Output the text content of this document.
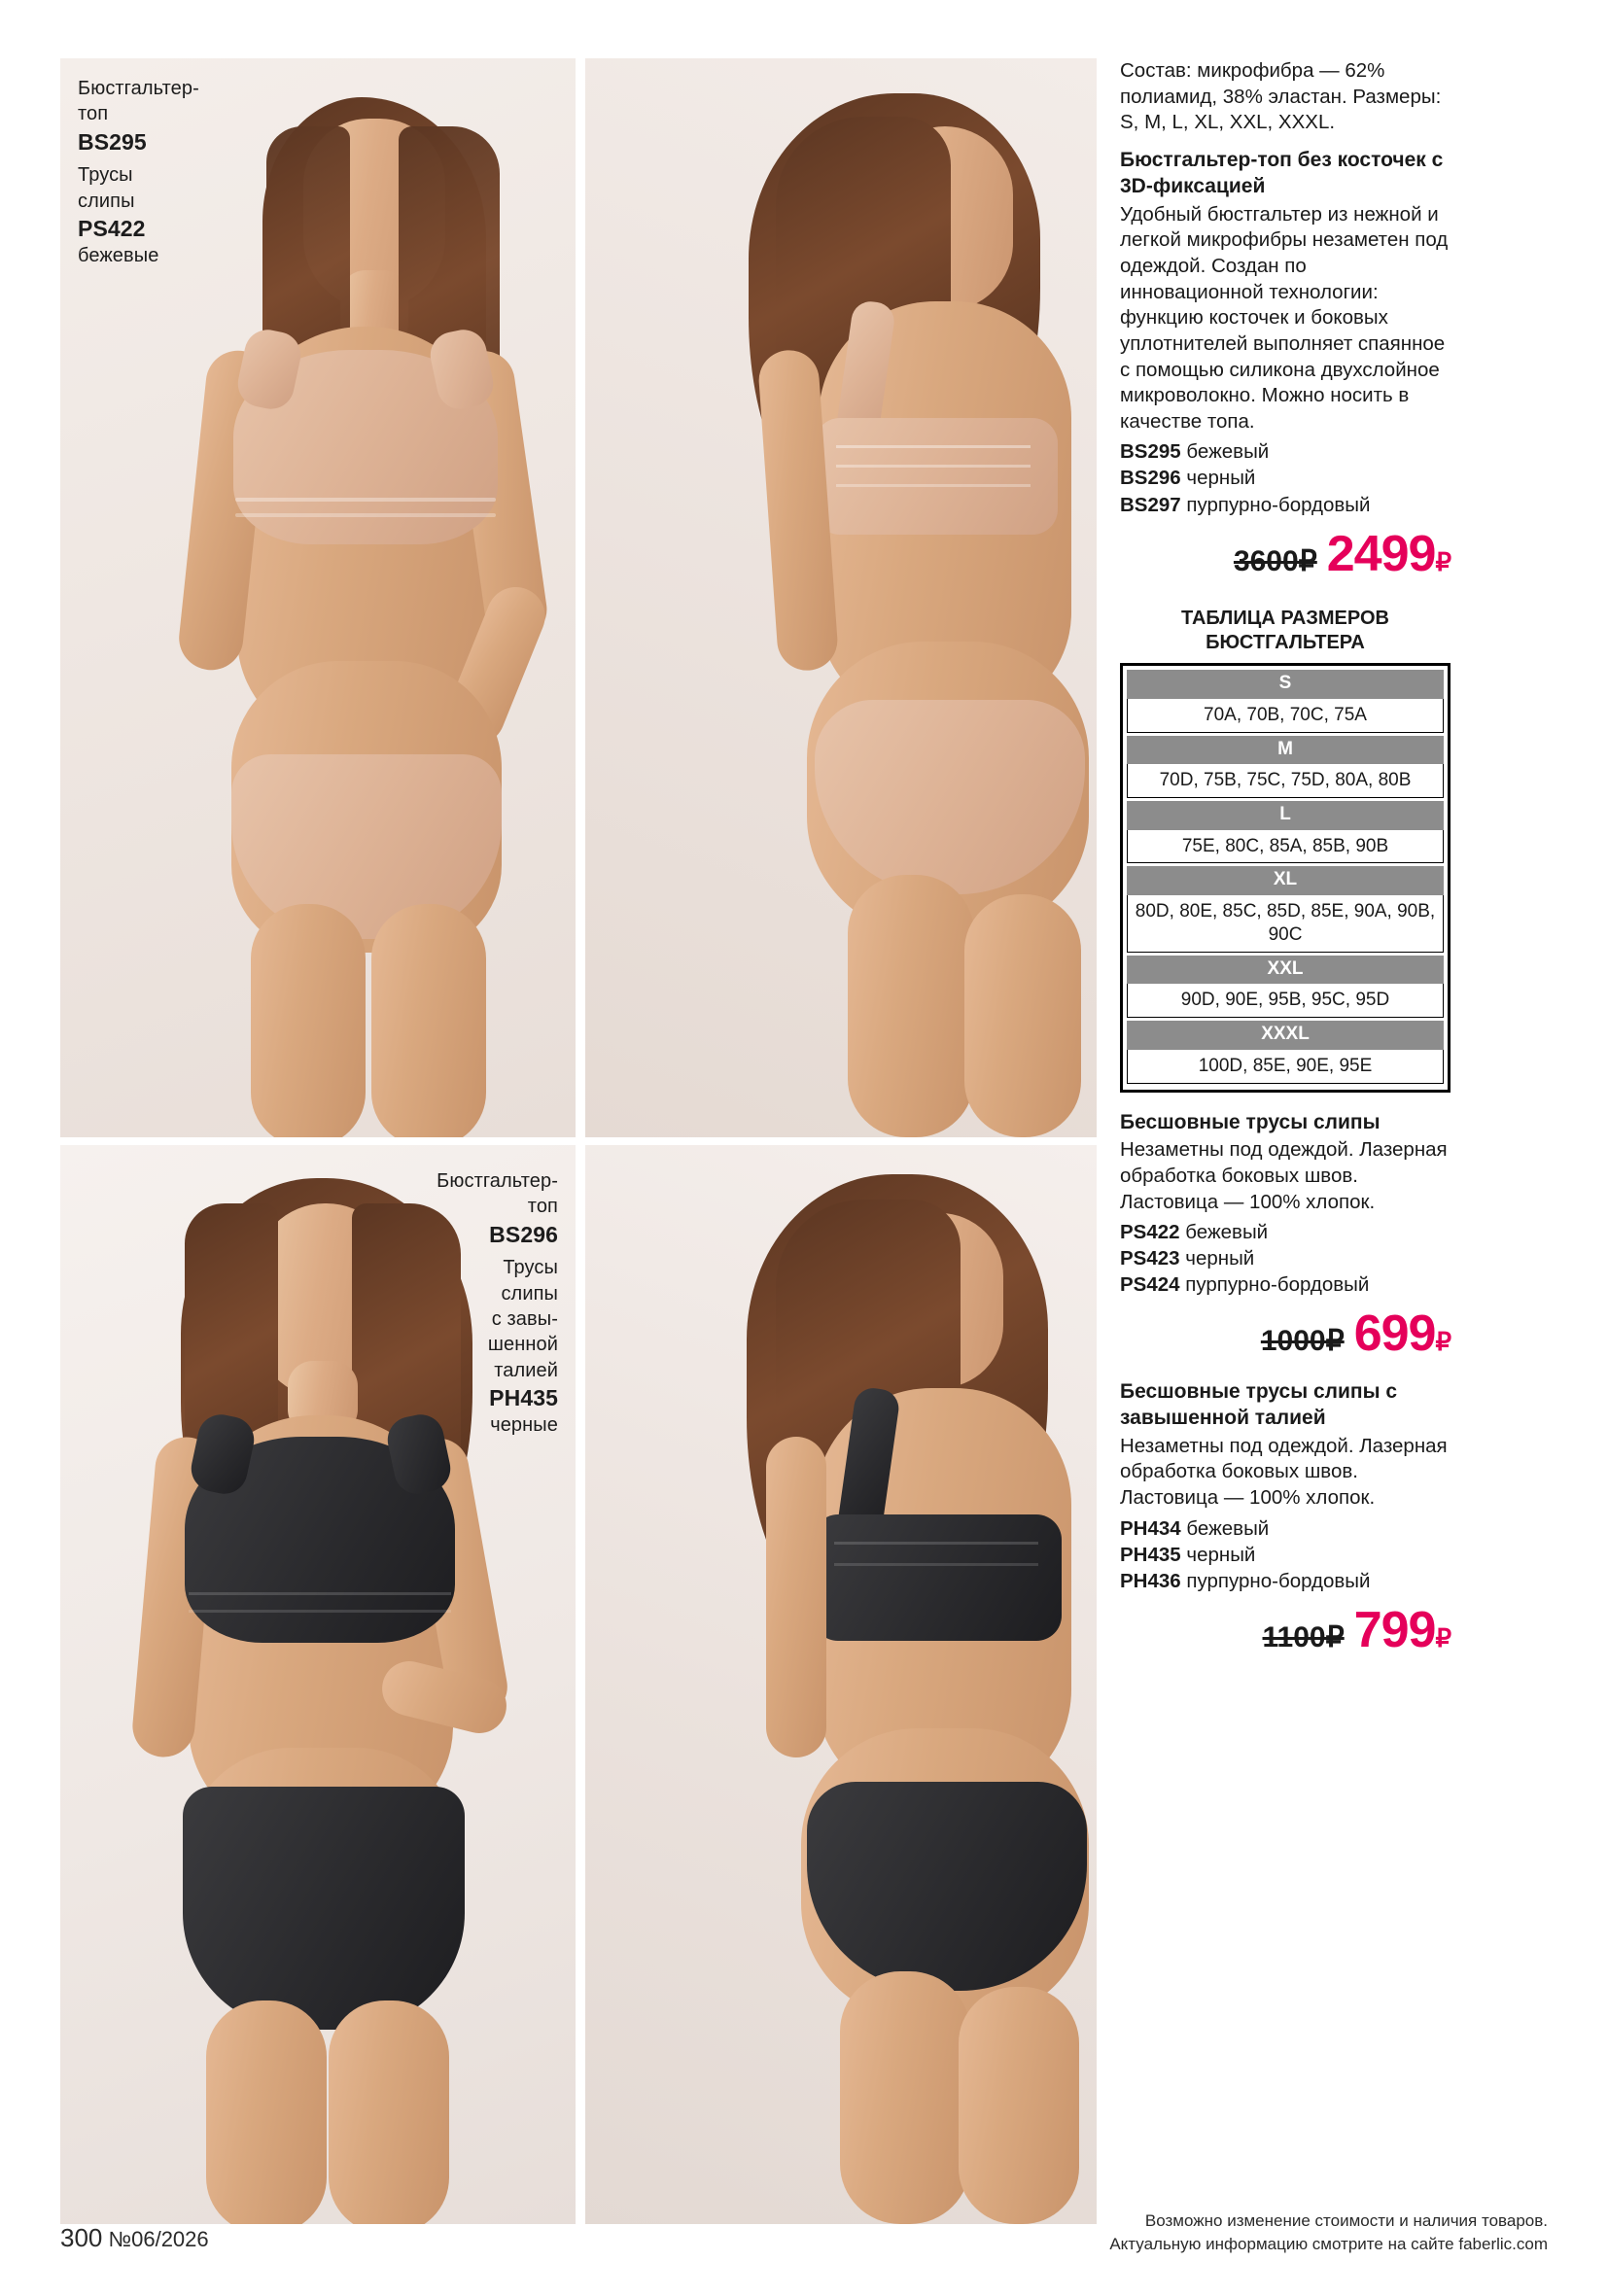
Бюстгальтер-
топ
BS295
Трусы
слипы
PS422
бежевые
Бюстгальтер-
топ
BS296
Трусы
слипы
с завы-
шенной
талией
PH435
черные

Состав: микрофибра — 62% полиамид, 38% эластан. Размеры: S, M, L, XL, XXL, XXXL.

Бюстгальтер-топ без косточек с 3D-фиксацией

Удобный бюстгальтер из нежной и легкой микрофибры незаметен под одеждой. Создан по инновационной технологии: функцию косточек и боковых уплотнителей выполняет спаянное с помощью силикона двухслойное микроволокно. Можно носить в качестве топа.

BS295 бежевый
BS296 черный
BS297 пурпурно-бордовый
3600₽ 2499₽
ТАБЛИЦА РАЗМЕРОВ
БЮСТГАЛЬТЕРА
S
70A, 70B, 70C, 75A
M
70D, 75B, 75C, 75D, 80A, 80B
L
75E, 80C, 85A, 85B, 90B
XL
80D, 80E, 85C, 85D, 85E, 90A, 90B, 90C
XXL
90D, 90E, 95B, 95C, 95D
XXXL
100D, 85E, 90E, 95E
Бесшовные трусы слипы

Незаметны под одеждой. Лазерная обработка боковых швов. Ластовица — 100% хлопок.

PS422 бежевый
PS423 черный
PS424 пурпурно-бордовый
1000₽ 699₽
Бесшовные трусы слипы с завышенной талией

Незаметны под одеждой. Лазерная обработка боковых швов. Ластовица — 100% хлопок.

PH434 бежевый
PH435 черный
PH436 пурпурно-бордовый
1100₽ 799₽
300 №06/2026
Возможно изменение стоимости и наличия товаров.
Актуальную информацию смотрите на сайте faberlic.com
